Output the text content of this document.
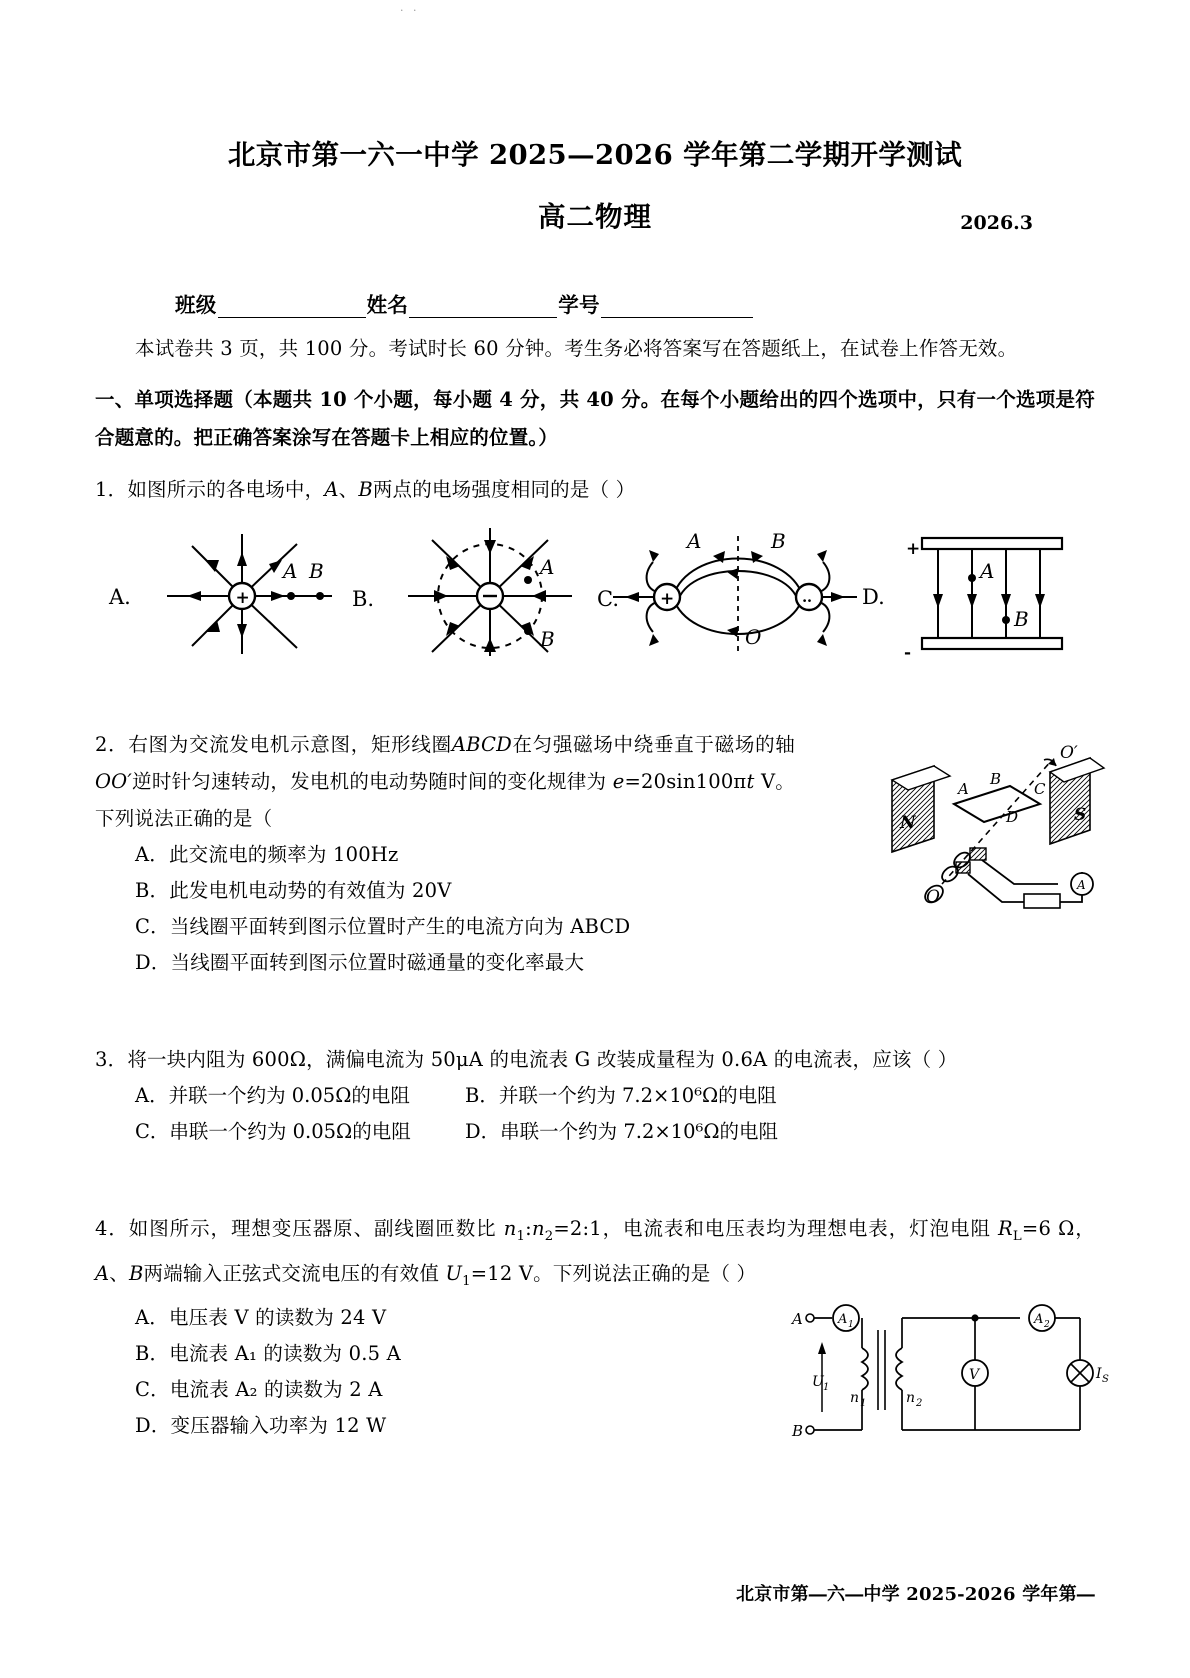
· ·
北京市第一六一中学 2025—2026 学年第二学期开学测试
高二物理	2026.3
班级	姓名	学号
本试卷共 3 页，共 100 分。考试时长 60 分钟。考生务必将答案写在答题纸上，在试卷上作答无效。
一、单项选择题（本题共 10 个小题，每小题 4 分，共 40 分。在每个小题给出的四个选项中，只有一个选项是符合题意的。把正确答案涂写在答题卡上相应的位置。）
1．如图所示的各电场中，A、B两点的电场强度相同的是（ ）
A.	+
A B
B.
A
B
C. +	‥
A	B
O
D.
+
-
A
B
2．右图为交流发电机示意图，矩形线圈ABCD在匀强磁场中绕垂直于磁场的轴 OO′逆时针匀速转动，发电机的电动势随时间的变化规律为 e=20sin100πt V。下列说法正确的是（
A．此交流电的频率为 100Hz
B．此发电机电动势的有效值为 20V
C．当线圈平面转到图示位置时产生的电流方向为 ABCD
D．当线圈平面转到图示位置时磁通量的变化率最大
N	S
O′
O
A
B
C
D
A
3．将一块内阻为 600Ω，满偏电流为 50μA 的电流表 G 改装成量程为 0.6A 的电流表，应该（ ）
A．并联一个约为 0.05Ω的电阻	B．并联一个约为 7.2×10⁶Ω的电阻
C．串联一个约为 0.05Ω的电阻	D．串联一个约为 7.2×10⁶Ω的电阻
4．如图所示，理想变压器原、副线圈匝数比 $n_1:n_2=2:1$，电流表和电压表均为理想电表，灯泡电阻 $R_L=6$ Ω，A、B两端输入正弦式交流电压的有效值 $U_1=12$ V。下列说法正确的是（ ）
A．电压表 V 的读数为 24 V
B．电流表 A₁ 的读数为 0.5 A
C．电流表 A₂ 的读数为 2 A
D．变压器输入功率为 12 W
A
B
U 1
A 1
n 1	n 2
V
A 2
I S
北京市第―六―中学 2025-2026 学年第―
